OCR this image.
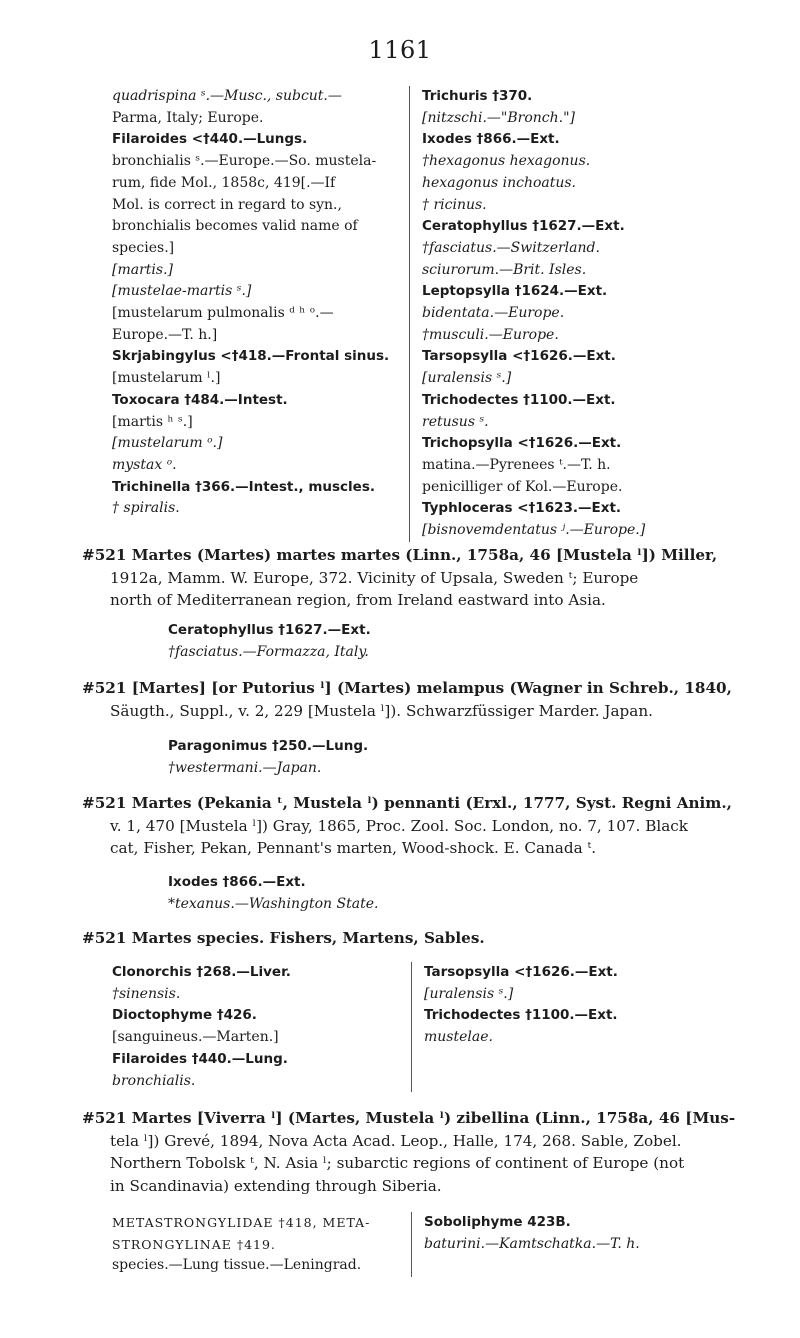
1161
quadrispina ˢ.—Musc., subcut.—
Parma, Italy; Europe.
Filaroides <†440.—Lungs.
bronchialis ˢ.—Europe.—So. mustela-
rum, fide Mol., 1858c, 419[.—If
Mol. is correct in regard to syn.,
bronchialis becomes valid name of
species.]
[martis.]
[mustelae-martis ˢ.]
[mustelarum pulmonalis ᵈ ʰ ᵒ.—
Europe.—T. h.]
Skrjabingylus <†418.—Frontal sinus.
[mustelarum ˡ.]
Toxocara †484.—Intest.
[martis ʰ ˢ.]
[mustelarum ᵒ.]
mystax ᵒ.
Trichinella †366.—Intest., muscles.
† spiralis.
Trichuris †370.
[nitzschi.—"Bronch."]
Ixodes †866.—Ext.
†hexagonus hexagonus.
hexagonus inchoatus.
† ricinus.
Ceratophyllus †1627.—Ext.
†fasciatus.—Switzerland.
sciurorum.—Brit. Isles.
Leptopsylla †1624.—Ext.
bidentata.—Europe.
†musculi.—Europe.
Tarsopsylla <†1626.—Ext.
[uralensis ˢ.]
Trichodectes †1100.—Ext.
retusus ˢ.
Trichopsylla <†1626.—Ext.
matina.—Pyrenees ᵗ.—T. h.
penicilliger of Kol.—Europe.
Typhloceras <†1623.—Ext.
[bisnovemdentatus ʲ.—Europe.]
#521 Martes (Martes) martes martes (Linn., 1758a, 46 [Mustela ˡ]) Miller,
1912a, Mamm. W. Europe, 372. Vicinity of Upsala, Sweden ᵗ; Europe
north of Mediterranean region, from Ireland eastward into Asia.
Ceratophyllus †1627.—Ext.
†fasciatus.—Formazza, Italy.
#521 [Martes] [or Putorius ˡ] (Martes) melampus (Wagner in Schreb., 1840,
Säugth., Suppl., v. 2, 229 [Mustela ˡ]). Schwarzfüssiger Marder. Japan.
Paragonimus †250.—Lung.
†westermani.—Japan.
#521 Martes (Pekania ᵗ, Mustela ˡ) pennanti (Erxl., 1777, Syst. Regni Anim.,
v. 1, 470 [Mustela ˡ]) Gray, 1865, Proc. Zool. Soc. London, no. 7, 107. Black
cat, Fisher, Pekan, Pennant's marten, Wood-shock. E. Canada ᵗ.
Ixodes †866.—Ext.
*texanus.—Washington State.
#521 Martes species. Fishers, Martens, Sables.
Clonorchis †268.—Liver.
†sinensis.
Dioctophyme †426.
[sanguineus.—Marten.]
Filaroides †440.—Lung.
bronchialis.
Tarsopsylla <†1626.—Ext.
[uralensis ˢ.]
Trichodectes †1100.—Ext.
mustelae.
#521 Martes [Viverra ˡ] (Martes, Mustela ˡ) zibellina (Linn., 1758a, 46 [Mus-
tela ˡ]) Grevé, 1894, Nova Acta Acad. Leop., Halle, 174, 268. Sable, Zobel.
Northern Tobolsk ᵗ, N. Asia ˡ; subarctic regions of continent of Europe (not
in Scandinavia) extending through Siberia.
METASTRONGYLIDAE †418, META-
STRONGYLINAE †419.
species.—Lung tissue.—Leningrad.
Soboliphyme 423B.
baturini.—Kamtschatka.—T. h.
